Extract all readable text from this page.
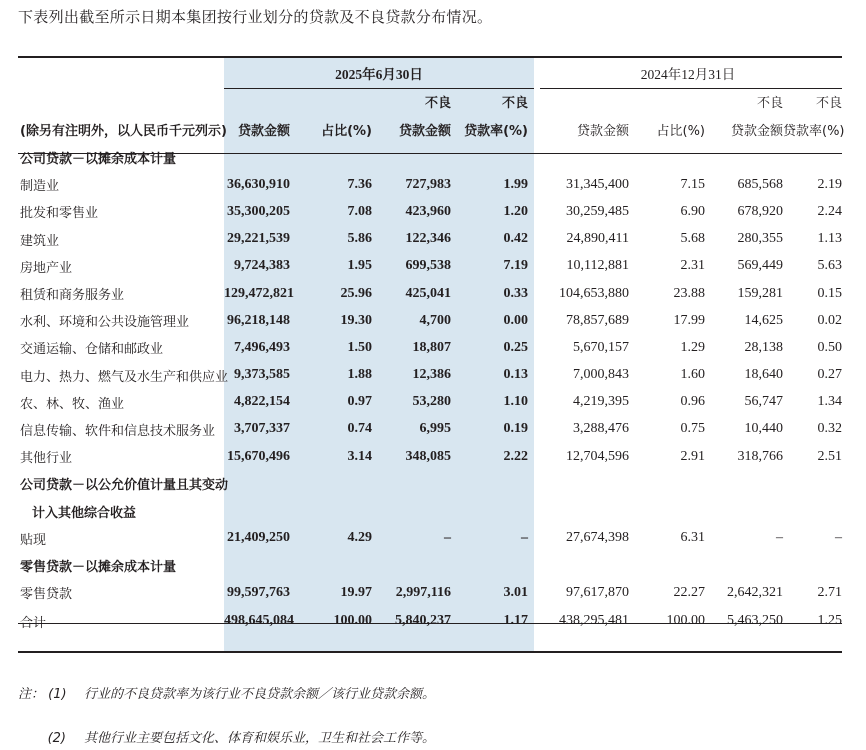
下表列出截至所示日期本集团按行业划分的贷款及不良贷款分布情况。
	2025年6月30日				2024年12月31日			
			不良	不良			不良	不良
(除另有注明外，以人民币千元列示)	贷款金额	占比(%)	贷款金额	贷款率(%)	贷款金额	占比(%)	贷款金额	贷款率(%)
公司贷款－以摊余成本计量								
制造业	36,630,910	7.36	727,983	1.99	31,345,400	7.15	685,568	2.19
批发和零售业	35,300,205	7.08	423,960	1.20	30,259,485	6.90	678,920	2.24
建筑业	29,221,539	5.86	122,346	0.42	24,890,411	5.68	280,355	1.13
房地产业	9,724,383	1.95	699,538	7.19	10,112,881	2.31	569,449	5.63
租赁和商务服务业	129,472,821	25.96	425,041	0.33	104,653,880	23.88	159,281	0.15
水利、环境和公共设施管理业	96,218,148	19.30	4,700	0.00	78,857,689	17.99	14,625	0.02
交通运输、仓储和邮政业	7,496,493	1.50	18,807	0.25	5,670,157	1.29	28,138	0.50
电力、热力、燃气及水生产和供应业	9,373,585	1.88	12,386	0.13	7,000,843	1.60	18,640	0.27
农、林、牧、渔业	4,822,154	0.97	53,280	1.10	4,219,395	0.96	56,747	1.34
信息传输、软件和信息技术服务业	3,707,337	0.74	6,995	0.19	3,288,476	0.75	10,440	0.32
其他行业	15,670,496	3.14	348,085	2.22	12,704,596	2.91	318,766	2.51
公司贷款－以公允价值计量且其变动								
计入其他综合收益								
贴现	21,409,250	4.29	–	–	27,674,398	6.31	–	–
零售贷款－以摊余成本计量								
零售贷款	99,597,763	19.97	2,997,116	3.01	97,617,870	22.27	2,642,321	2.71
合计	498,645,084	100.00	5,840,237	1.17	438,295,481	100.00	5,463,250	1.25
注： (1) 行业的不良贷款率为该行业不良贷款余额／该行业贷款余额。
(2) 其他行业主要包括文化、体育和娱乐业，卫生和社会工作等。
